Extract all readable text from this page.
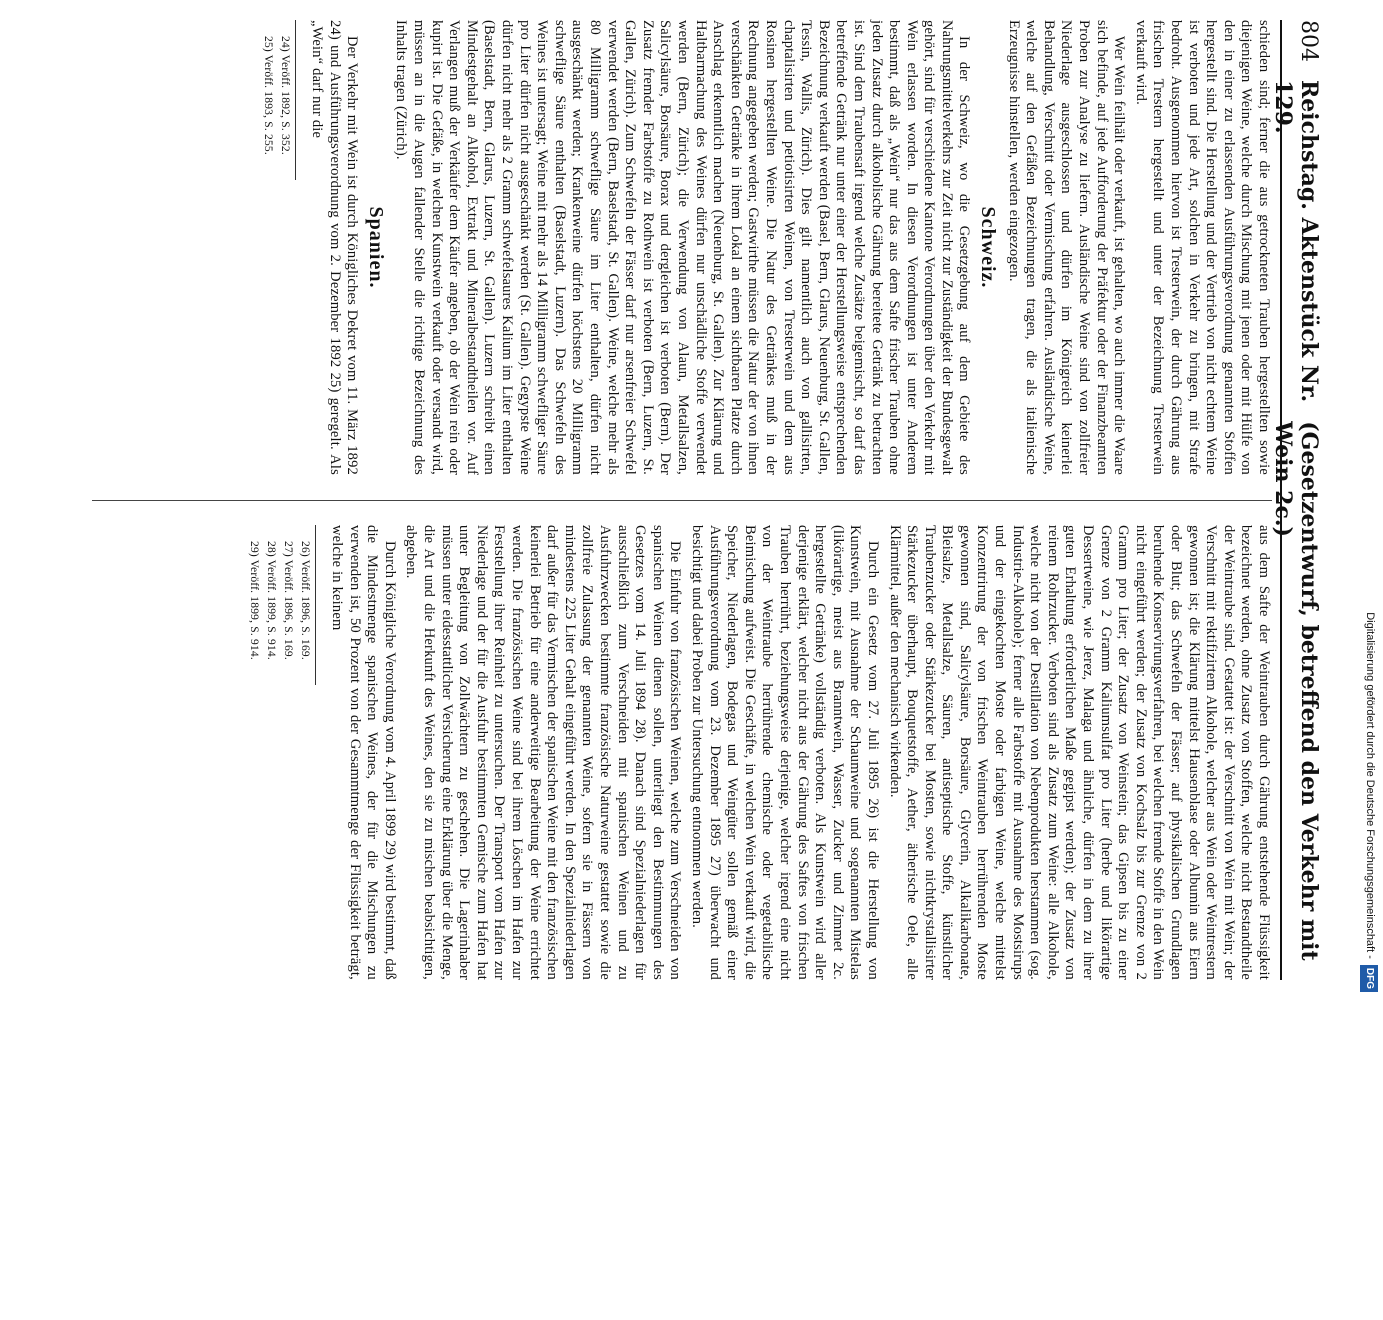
804
Reichstag. Aktenstück Nr. 129.
(Gesetzentwurf, betreffend den Verkehr mit Wein 2c.)

schieden sind; ferner die aus getrockneten Trauben hergestellten sowie diejenigen Weine, welche durch Mischung mit jenen oder mit Hülfe von den in einer zu erlassenden Ausführungsverordnung genannten Stoffen hergestellt sind. Die Herstellung und der Vertrieb von nicht echtem Weine ist verboten und jede Art, solchen in Verkehr zu bringen, mit Strafe bedroht. Ausgenommen hiervon ist Tresterwein, der durch Gährung aus frischen Trestern hergestellt und unter der Bezeichnung Tresterwein verkauft wird.

Wer Wein feilhält oder verkauft, ist gehalten, wo auch immer die Waare sich befinde, auf jede Aufforderung der Präfektur oder der Finanzbeamten Proben zur Analyse zu liefern. Ausländische Weine sind von zollfreier Niederlage ausgeschlossen und dürfen im Königreich keinerlei Behandlung, Verschnitt oder Vermischung erfahren. Ausländische Weine, welche auf den Gefäßen Bezeichnungen tragen, die als italienische Erzeugnisse hinstellen, werden eingezogen.

Schweiz.

In der Schweiz, wo die Gesetzgebung auf dem Gebiete des Nahrungsmittelverkehrs zur Zeit nicht zur Zuständigkeit der Bundesgewalt gehört, sind für verschiedene Kantone Verordnungen über den Verkehr mit Wein erlassen worden. In diesen Verordnungen ist unter Anderem bestimmt, daß als „Wein“ nur das aus dem Safte frischer Trauben ohne jeden Zusatz durch alkoholische Gährung bereitete Getränk zu betrachten ist. Sind dem Traubensaft irgend welche Zusätze beigemischt, so darf das betreffende Getränk nur unter einer der Herstellungsweise entsprechenden Bezeichnung verkauft werden (Basel, Bern, Glarus, Neuenburg, St. Gallen, Tessin, Wallis, Zürich). Dies gilt namentlich auch von gallisirten, chaptalisirten und petiotisirten Weinen, von Tresterwein und dem aus Rosinen hergestellten Weine. Die Natur des Getränkes muß in der Rechnung angegeben werden; Gastwirthe müssen die Natur der von ihnen verschänkten Getränke in ihrem Lokal an einem sichtbaren Platze durch Anschlag erkenntlich machen (Neuenburg, St. Gallen). Zur Klärung und Haltbarmachung des Weines dürfen nur unschädliche Stoffe verwendet werden (Bern, Zürich); die Verwendung von Alaun, Metallsalzen, Salicylsäure, Borsäure, Borax und dergleichen ist verboten (Bern). Der Zusatz fremder Farbstoffe zu Rothwein ist verboten (Bern, Luzern, St. Gallen, Zürich). Zum Schwefeln der Fässer darf nur arsenfreier Schwefel verwendet werden (Bern, Baselstadt, St. Gallen). Weine, welche mehr als 80 Milligramm schweflige Säure im Liter enthalten, dürfen nicht ausgeschänkt werden; Krankenweine dürfen höchstens 20 Milligramm schweflige Säure enthalten (Baselstadt, Luzern). Das Schwefeln des Weines ist untersagt; Weine mit mehr als 14 Milligramm schwefliger Säure pro Liter dürfen nicht ausgeschänkt werden (St. Gallen). Gegypste Weine dürfen nicht mehr als 2 Gramm schwefelsaures Kalium im Liter enthalten (Baselstadt, Bern, Glarus, Luzern, St. Gallen). Luzern schreibt einen Mindestgehalt an Alkohol, Extrakt und Mineralbestandtheilen vor. Auf Verlangen muß der Verkäufer dem Käufer angeben, ob der Wein rein oder kupirt ist. Die Gefäße, in welchen Kunstwein verkauft oder versandt wird, müssen an in die Augen fallender Stelle die richtige Bezeichnung des Inhalts tragen (Zürich).

Spanien.

Der Verkehr mit Wein ist durch Königliches Dekret vom 11. März 1892 24) und Ausführungsverordnung vom 2. Dezember 1892 25) geregelt. Als „Wein“ darf nur die

24) Veröff. 1892, S. 352.

25) Veröff. 1893, S. 255.

aus dem Safte der Weintrauben durch Gährung entstehende Flüssigkeit bezeichnet werden, ohne Zusatz von Stoffen, welche nicht Bestandtheile der Weintraube sind. Gestattet ist: der Verschnitt von Wein mit Wein; der Verschnitt mit rektifizirtem Alkohole, welcher aus Wein oder Weintrestern gewonnen ist; die Klärung mittelst Hausenblase oder Albumin aus Eiern oder Blut; das Schwefeln der Fässer; auf physikalischen Grundlagen beruhende Konservirungsverfahren, bei welchen fremde Stoffe in den Wein nicht eingeführt werden; der Zusatz von Kochsalz bis zur Grenze von 2 Gramm pro Liter; der Zusatz von Weinstein; das Gipsen bis zu einer Grenze von 2 Gramm Kaliumsulfat pro Liter (herbe und likörartige Dessertweine, wie Jerez, Malaga und ähnliche, dürfen in dem zu ihrer guten Erhaltung erforderlichen Maße gegipst werden); der Zusatz von reinem Rohrzucker. Verboten sind als Zusatz zum Weine: alle Alkohole, welche nicht von der Destillation von Nebenprodukten herstammen (sog. Industrie-Alkohole); ferner alle Farbstoffe mit Ausnahme des Mostsirups und der eingekochten Moste oder farbigen Weine, welche mittelst Konzentrirung der von frischen Weintrauben herrührenden Moste gewonnen sind, Salicylsäure, Borsäure, Glycerin, Alkalikarbonate, Bleisalze, Metallsalze, Säuren, antiseptische Stoffe, künstlicher Traubenzucker oder Stärkezucker bei Mosten, sowie nichtkrystallisirter Stärkezucker überhaupt, Bouquetstoffe, Aether, ätherische Oele, alle Klärmittel, außer den mechanisch wirkenden.

Durch ein Gesetz vom 27. Juli 1895 26) ist die Herstellung von Kunstwein, mit Ausnahme der Schaumweine und sogenannten Mistelas (likörartige, meist aus Branntwein, Wasser, Zucker und Zimmet 2c. hergestellte Getränke) vollständig verboten. Als Kunstwein wird aller derjenige erklärt, welcher nicht aus der Gährung des Saftes von frischen Trauben herrührt, beziehungsweise derjenige, welcher irgend eine nicht von der Weintraube herrührende chemische oder vegetabilische Beimischung aufweist. Die Geschäfte, in welchen Wein verkauft wird, die Speicher, Niederlagen, Bodegas und Weingüter sollen gemäß einer Ausführungsverordnung vom 23. Dezember 1895 27) überwacht und besichtigt und dabei Proben zur Untersuchung entnommen werden.

Die Einfuhr von französischen Weinen, welche zum Verschneiden von spanischen Weinen dienen sollen, unterliegt den Bestimmungen des Gesetzes vom 14. Juli 1894 28). Danach sind Spezialniederlagen für ausschließlich zum Verschneiden mit spanischen Weinen und zu Ausfuhrzwecken bestimmte französische Naturweine gestattet sowie die zollfreie Zulassung der genannten Weine, sofern sie in Fässern von mindestens 225 Liter Gehalt eingeführt werden. In den Spezialniederlagen darf außer für das Vermischen der spanischen Weine mit den französischen keinerlei Betrieb für eine anderweitige Bearbeitung der Weine errichtet werden. Die französischen Weine sind bei ihrem Löschen im Hafen zur Feststellung ihrer Reinheit zu untersuchen. Der Transport vom Hafen zur Niederlage und der für die Ausfuhr bestimmten Gemische zum Hafen hat unter Begleitung von Zollwächtern zu geschehen. Die Lagerinhaber müssen unter eidesstattlicher Versicherung eine Erklärung über die Menge, die Art und die Herkunft des Weines, den sie zu mischen beabsichtigen, abgeben.

Durch Königliche Verordnung vom 4. April 1899 29) wird bestimmt, daß die Mindestmenge spanischen Weines, der für die Mischungen zu verwenden ist, 50 Prozent von der Gesammtmenge der Flüssigkeit beträgt, welche in keinem

26) Veröff. 1896, S. 169.

27) Veröff. 1896, S. 169.

28) Veröff. 1899, S. 914.

29) Veröff. 1899, S. 914.

Digitalisierung gefördert durch die Deutsche Forschungsgemeinschaft -DFG
